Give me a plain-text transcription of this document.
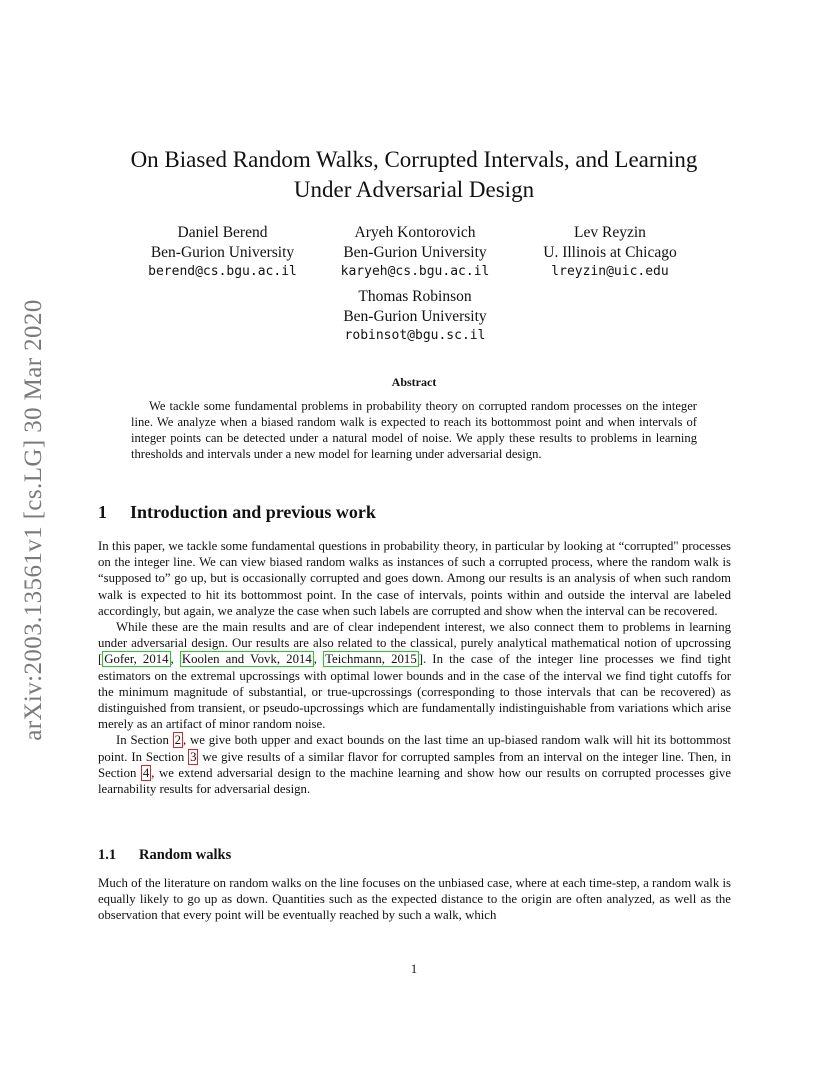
arXiv:2003.13561v1 [cs.LG] 30 Mar 2020
On Biased Random Walks, Corrupted Intervals, and Learning Under Adversarial Design
Daniel Berend
Ben-Gurion University
berend@cs.bgu.ac.il
Aryeh Kontorovich
Ben-Gurion University
karyeh@cs.bgu.ac.il
Lev Reyzin
U. Illinois at Chicago
lreyzin@uic.edu
Thomas Robinson
Ben-Gurion University
robinsot@bgu.sc.il
Abstract

We tackle some fundamental problems in probability theory on corrupted random processes on the integer line. We analyze when a biased random walk is expected to reach its bottommost point and when intervals of integer points can be detected under a natural model of noise. We apply these results to problems in learning thresholds and intervals under a new model for learning under adversarial design.

1 Introduction and previous work

In this paper, we tackle some fundamental questions in probability theory, in particular by looking at “corrupted" processes on the integer line. We can view biased random walks as instances of such a corrupted process, where the random walk is “supposed to” go up, but is occasionally corrupted and goes down. Among our results is an analysis of when such random walk is expected to hit its bottommost point. In the case of intervals, points within and outside the interval are labeled accordingly, but again, we analyze the case when such labels are corrupted and show when the interval can be recovered.

While these are the main results and are of clear independent interest, we also connect them to problems in learning under adversarial design. Our results are also related to the classical, purely analytical mathematical notion of upcrossing [ Gofer, 2014 , Koolen and Vovk, 2014 , Teichmann, 2015 ]. In the case of the integer line processes we find tight estimators on the extremal upcrossings with optimal lower bounds and in the case of the interval we find tight cutoffs for the minimum magnitude of substantial, or true-upcrossings (corresponding to those intervals that can be recovered) as distinguished from transient, or pseudo-upcrossings which are fundamentally indistinguishable from variations which arise merely as an artifact of minor random noise.

In Section 2 , we give both upper and exact bounds on the last time an up-biased random walk will hit its bottommost point. In Section 3 we give results of a similar flavor for corrupted samples from an interval on the integer line. Then, in Section 4 , we extend adversarial design to the machine learning and show how our results on corrupted processes give learnability results for adversarial design.

1.1 Random walks

Much of the literature on random walks on the line focuses on the unbiased case, where at each time-step, a random walk is equally likely to go up as down. Quantities such as the expected distance to the origin are often analyzed, as well as the observation that every point will be eventually reached by such a walk, which

1
